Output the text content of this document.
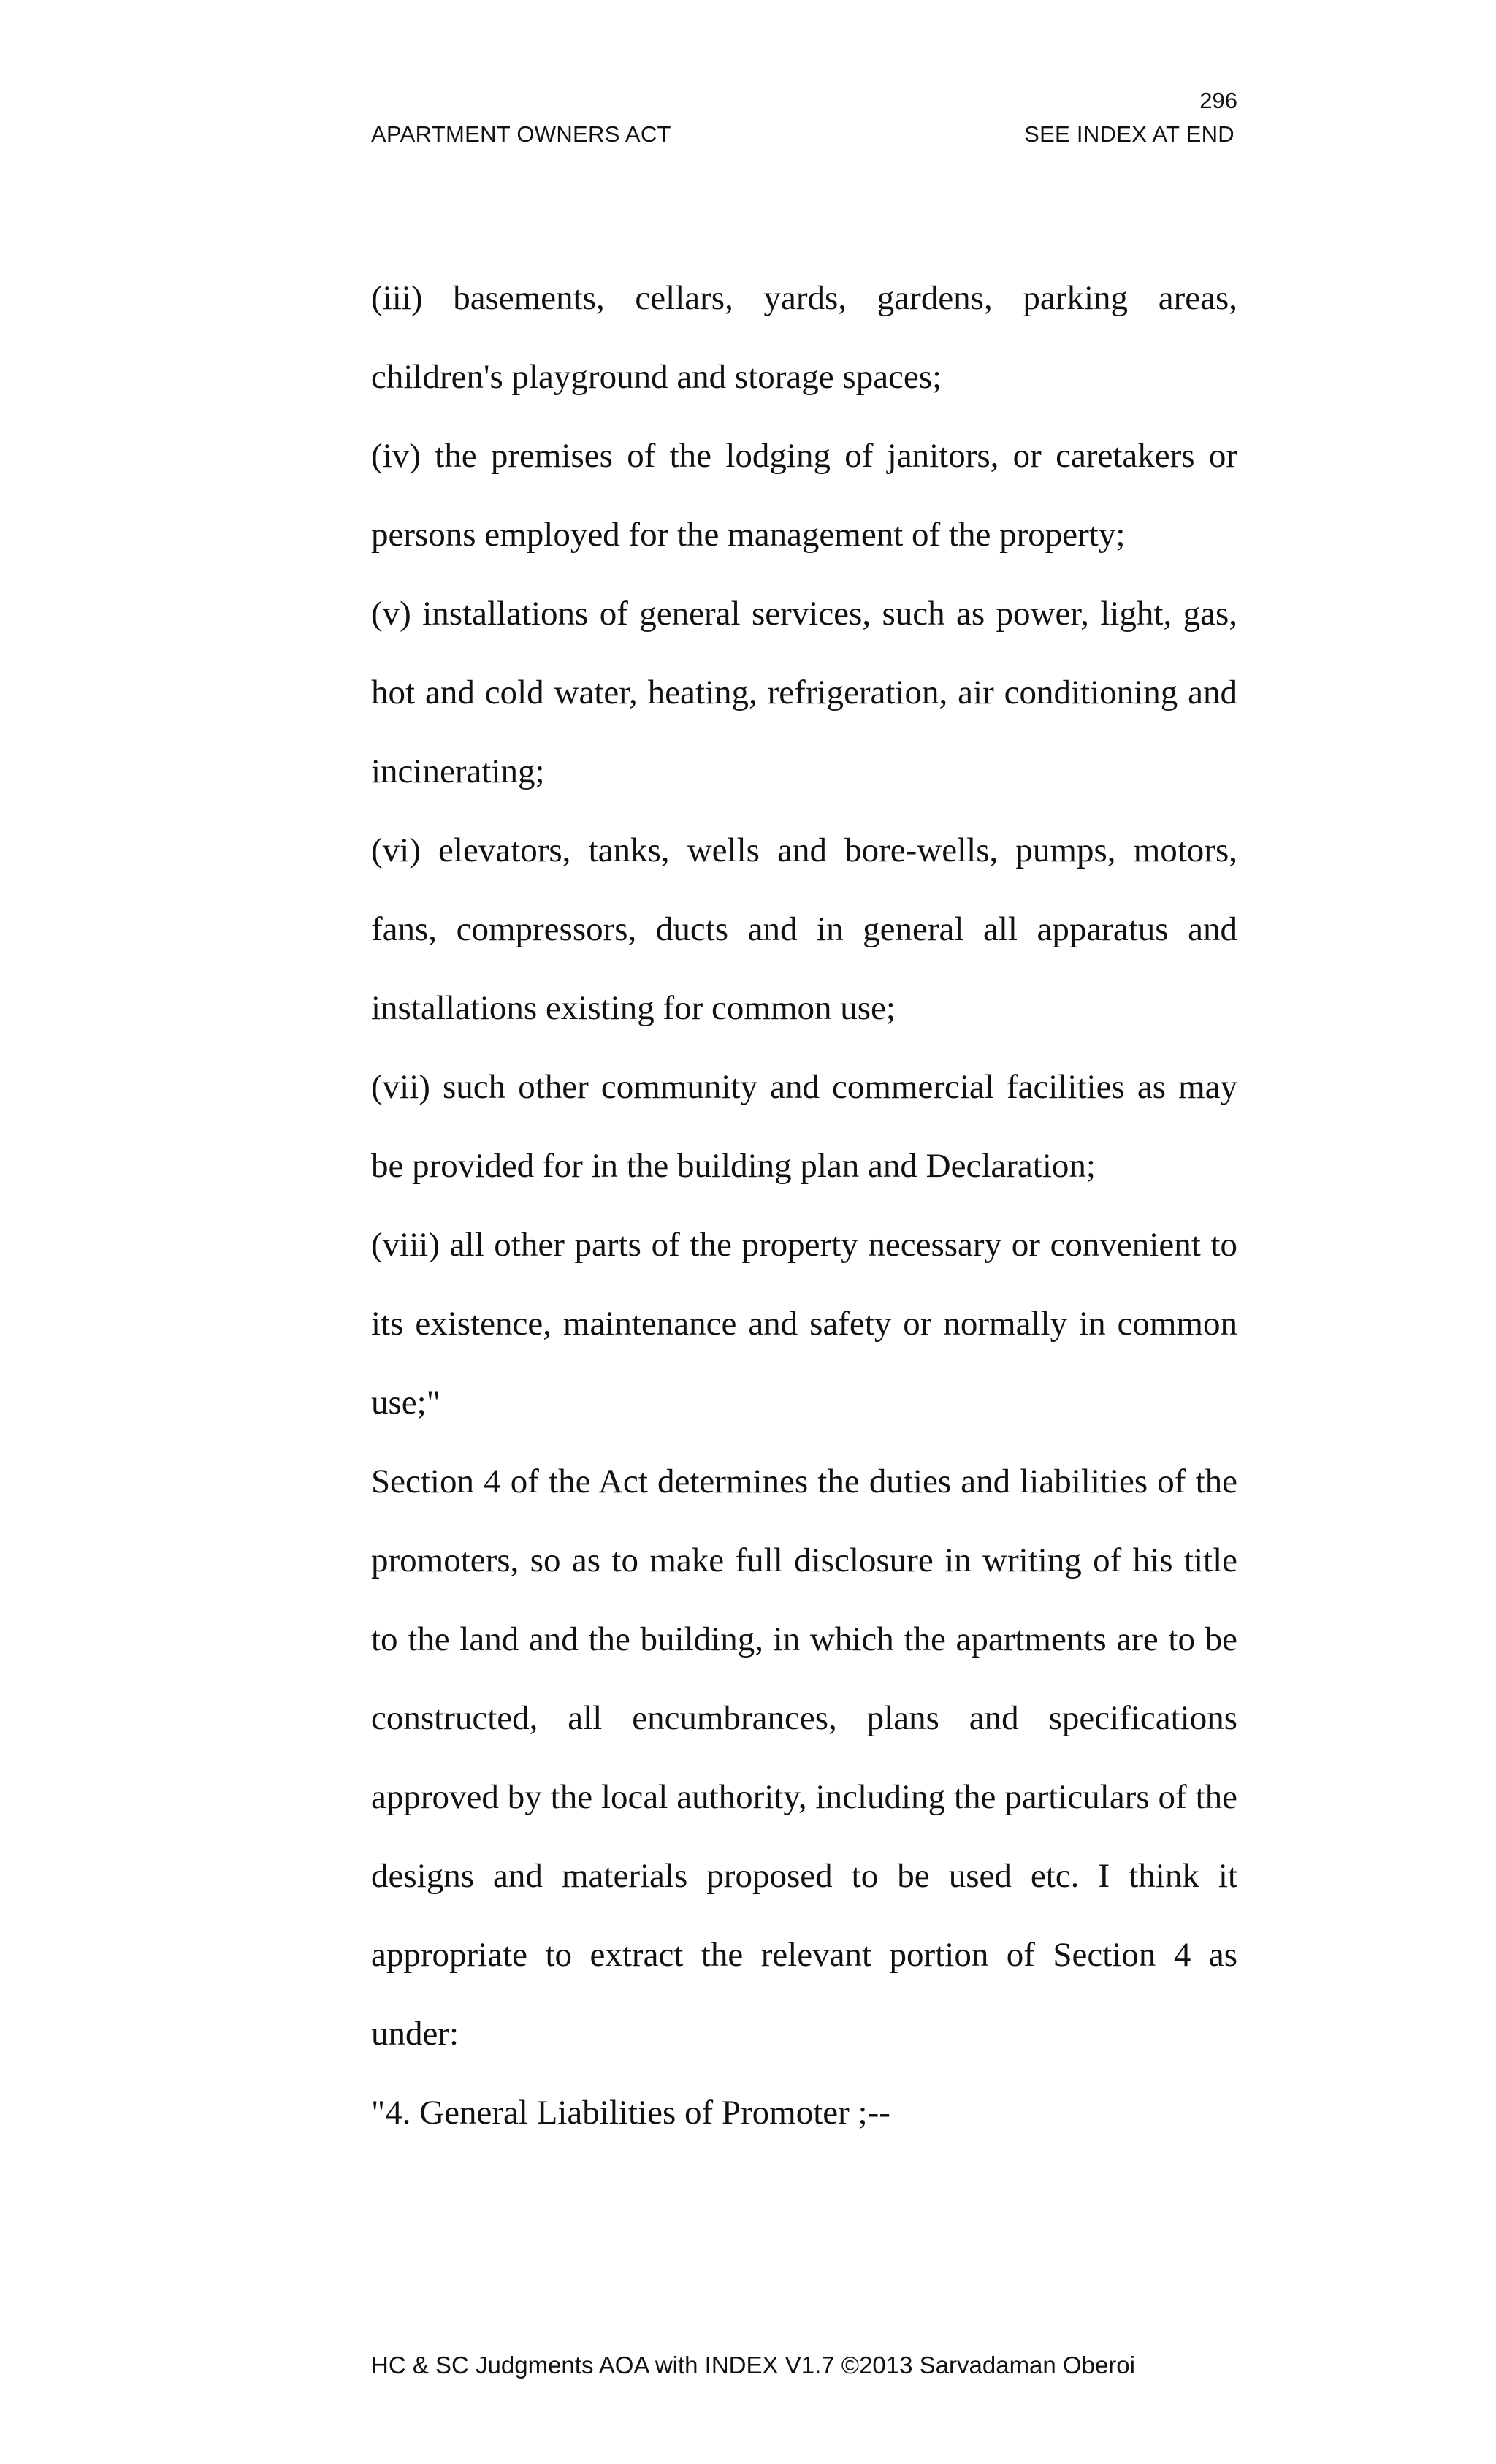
296
APARTMENT OWNERS ACT	SEE INDEX AT END

(iii) basements, cellars, yards, gardens, parking areas, children's playground and storage spaces;

(iv) the premises of the lodging of janitors, or caretakers or persons employed for the management of the property;

(v) installations of general services, such as power, light, gas, hot and cold water, heating, refrigeration, air conditioning and incinerating;

(vi) elevators, tanks, wells and bore-wells, pumps, motors, fans, compressors, ducts and in general all apparatus and installations existing for common use;

(vii) such other community and commercial facilities as may be provided for in the building plan and Declaration;

(viii) all other parts of the property necessary or convenient to its existence, maintenance and safety or normally in common use;"

Section 4 of the Act determines the duties and liabilities of the promoters, so as to make full disclosure in writing of his title to the land and the building, in which the apartments are to be constructed, all encumbrances, plans and specifications approved by the local authority, including the particulars of the designs and materials proposed to be used etc. I think it appropriate to extract the relevant portion of Section 4 as under:

"4. General Liabilities of Promoter ;--

HC & SC Judgments AOA with INDEX V1.7 ©2013 Sarvadaman Oberoi
